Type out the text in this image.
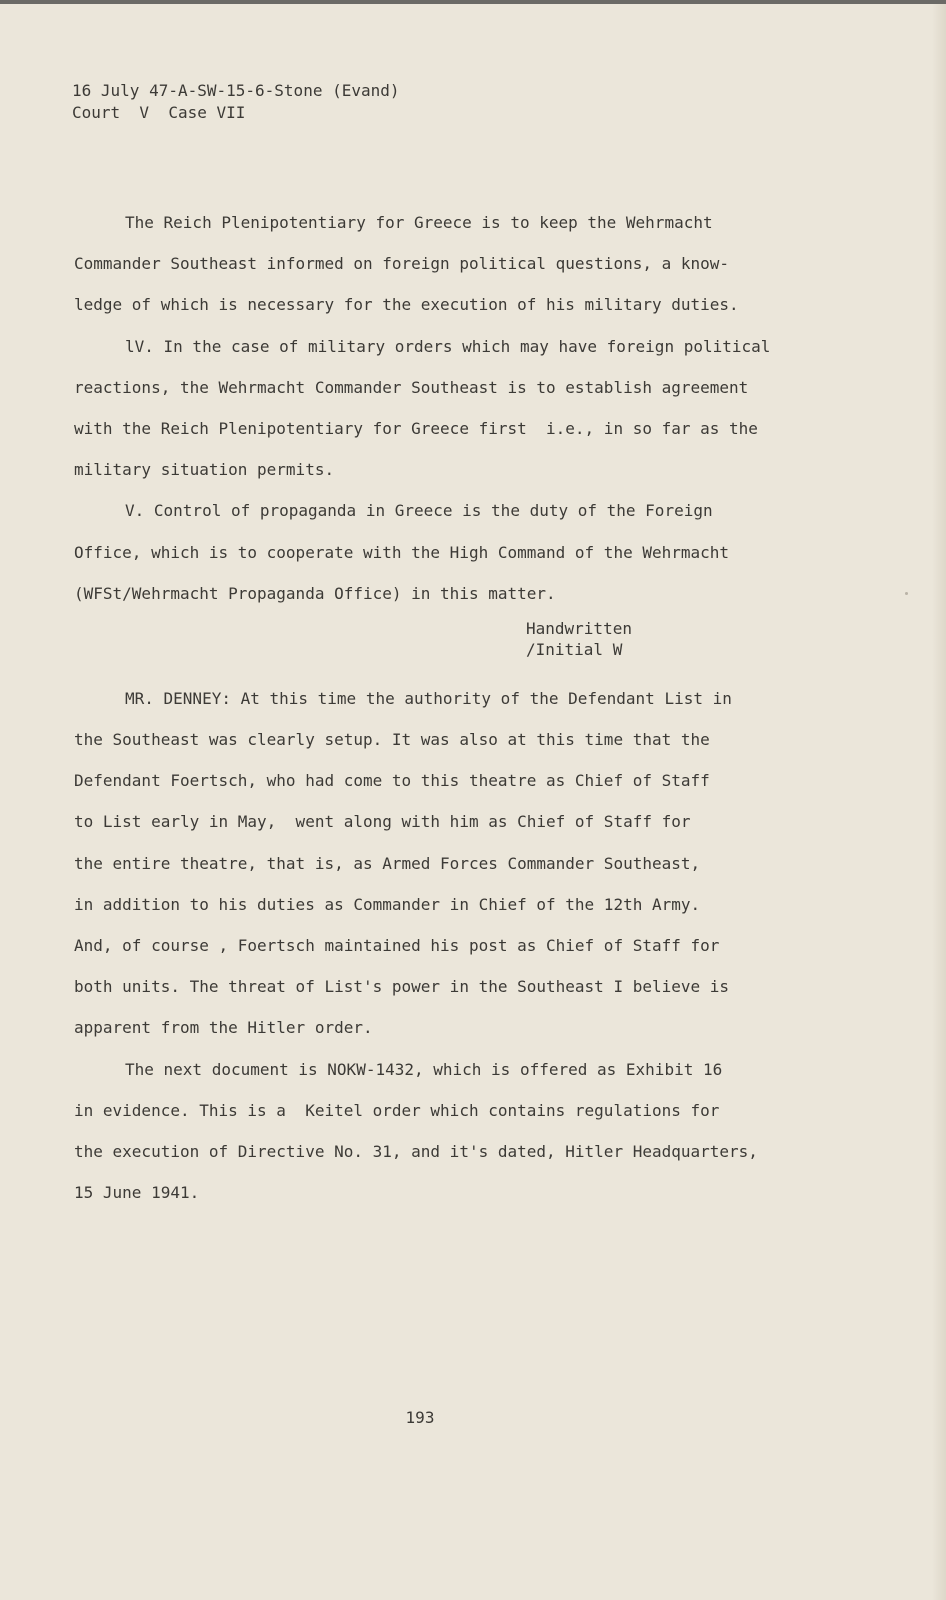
16 July 47-A-SW-15-6-Stone (Evand)
Court  V  Case VII
The Reich Plenipotentiary for Greece is to keep the Wehrmacht
Commander Southeast informed on foreign political questions, a know-
ledge of which is necessary for the execution of his military duties.
lV. In the case of military orders which may have foreign political
reactions, the Wehrmacht Commander Southeast is to establish agreement
with the Reich Plenipotentiary for Greece first  i.e., in so far as the
military situation permits.
V. Control of propaganda in Greece is the duty of the Foreign
Office, which is to cooperate with the High Command of the Wehrmacht
(WFSt/Wehrmacht Propaganda Office) in this matter.
Handwritten
/Initial W
MR. DENNEY: At this time the authority of the Defendant List in
the Southeast was clearly setup. It was also at this time that the
Defendant Foertsch, who had come to this theatre as Chief of Staff
to List early in May,  went along with him as Chief of Staff for
the entire theatre, that is, as Armed Forces Commander Southeast,
in addition to his duties as Commander in Chief of the 12th Army.
And, of course , Foertsch maintained his post as Chief of Staff for
both units. The threat of List's power in the Southeast I believe is
apparent from the Hitler order.
The next document is NOKW-1432, which is offered as Exhibit 16
in evidence. This is a  Keitel order which contains regulations for
the execution of Directive No. 31, and it's dated, Hitler Headquarters,
15 June 1941.
193
